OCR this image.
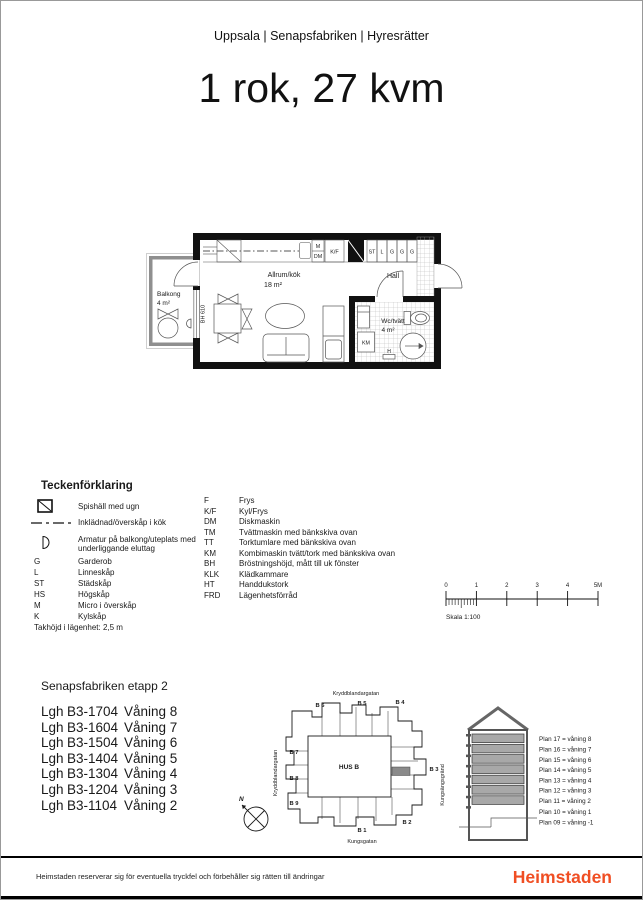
Uppsala | Senapsfabriken | Hyresrätter
1 rok, 27 kvm
Balkong
4 m²
BH 610
M
DM
K/F	ST L G G G
Allrum/kök
18 m²
Hall
Wc/tvätt
4 m²
KM
H
Teckenförklaring
Spishäll med ugn
Inklädnad/överskåp i kök
Armatur på balkong/uteplats med underliggande eluttag
G	Garderob
L	Linneskåp
ST	Städskåp
HS	Högskåp
M	Micro i överskåp
K	Kylskåp
F	Frys
K/F	Kyl/Frys
DM	Diskmaskin
TM	Tvättmaskin med bänkskiva ovan
TT	Torktumlare med bänkskiva ovan
KM	Kombimaskin tvätt/tork med bänkskiva ovan
BH	Bröstningshöjd, mått till uk fönster
KLK Klädkammare
HT	Handdukstork
FRD Lägenhetsförråd
Takhöjd i lägenhet: 2,5 m
0	1	2	3	4	5M
Skala 1:100
Senapsfabriken etapp 2
Lgh B3-1704 Våning 8
Lgh B3-1604 Våning 7
Lgh B3-1504 Våning 6
Lgh B3-1404 Våning 5
Lgh B3-1304 Våning 4
Lgh B3-1204 Våning 3
Lgh B3-1104 Våning 2
HUS B
B 6	B 5	B 4
B 7
B 8
B 9
B 3
B 2
B 1
Kryddblandargatan
Kungsgatan
Kryddblandargatan	Kungsängsgränd
N
Plan 17 = våning 8
Plan 16 = våning 7
Plan 15 = våning 6
Plan 14 = våning 5
Plan 13 = våning 4
Plan 12 = våning 3
Plan 11 = våning 2
Plan 10 = våning 1
Plan 09 = våning -1
Heimstaden reserverar sig för eventuella tryckfel och förbehåller sig rätten till ändringar	Heimstaden
